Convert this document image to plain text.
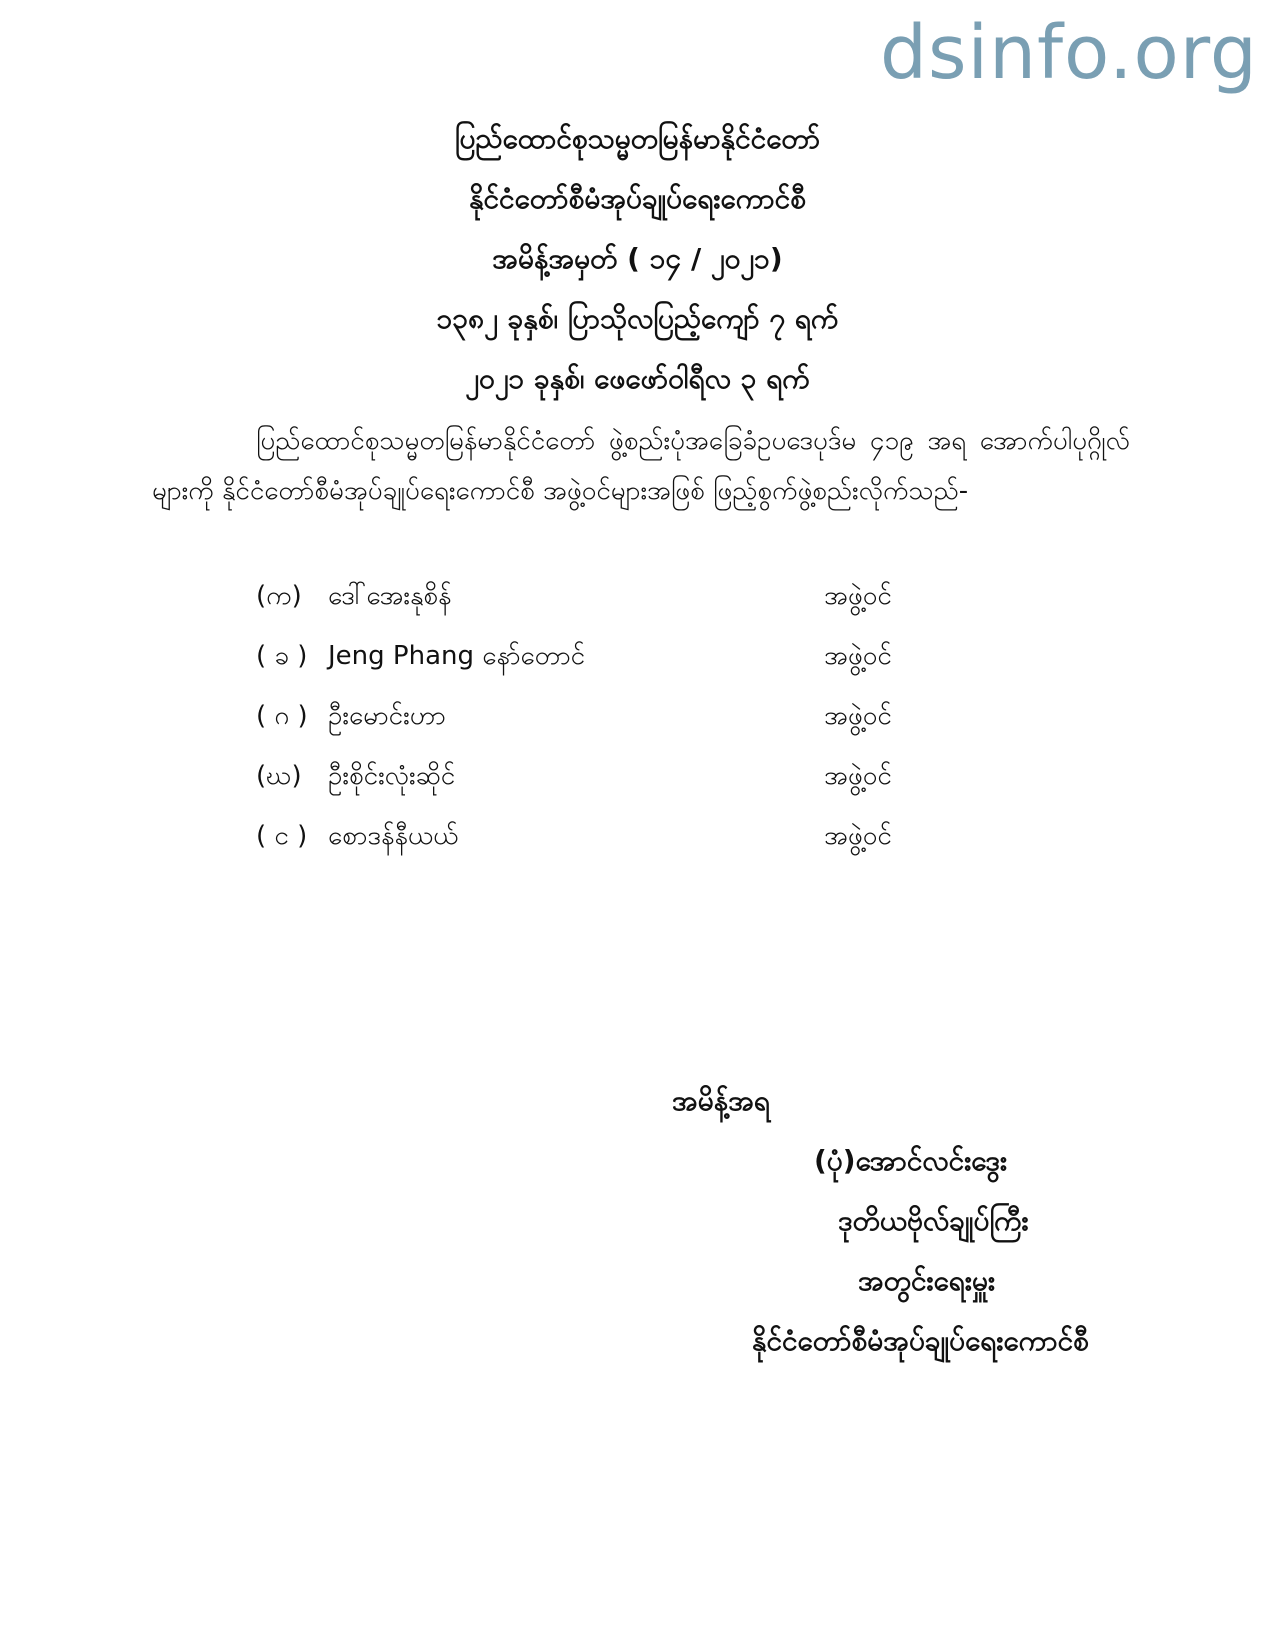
dsinfo.org
ပြည်ထောင်စုသမ္မတမြန်မာနိုင်ငံတော်
နိုင်ငံတော်စီမံအုပ်ချုပ်ရေးကောင်စီ
အမိန့်အမှတ် ( ၁၄ / ၂၀၂၁)
၁၃၈၂ ခုနှစ်၊ ပြာသိုလပြည့်ကျော် ၇ ရက်
၂၀၂၁ ခုနှစ်၊ ဖေဖော်ဝါရီလ ၃ ရက်
ပြည်ထောင်စုသမ္မတမြန်မာနိုင်ငံတော် ဖွဲ့စည်းပုံအခြေခံဥပဒေပုဒ်မ ၄၁၉ အရ အောက်ပါပုဂ္ဂိုလ်များကို နိုင်ငံတော်စီမံအုပ်ချုပ်ရေးကောင်စီ အဖွဲ့ဝင်များအဖြစ် ဖြည့်စွက်ဖွဲ့စည်းလိုက်သည်-
(က) ဒေါ်အေးနုစိန်	အဖွဲ့ဝင်
( ခ ) Jeng Phang နော်တောင်	အဖွဲ့ဝင်
( ဂ ) ဦးမောင်းဟာ	အဖွဲ့ဝင်
(ဃ) ဦးစိုင်းလုံးဆိုင်	အဖွဲ့ဝင်
( င ) စောဒန်နီယယ်	အဖွဲ့ဝင်
အမိန့်အရ
(ပုံ)အောင်လင်းဒွေး
ဒုတိယဗိုလ်ချုပ်ကြီး
အတွင်းရေးမှူး
နိုင်ငံတော်စီမံအုပ်ချုပ်ရေးကောင်စီ
